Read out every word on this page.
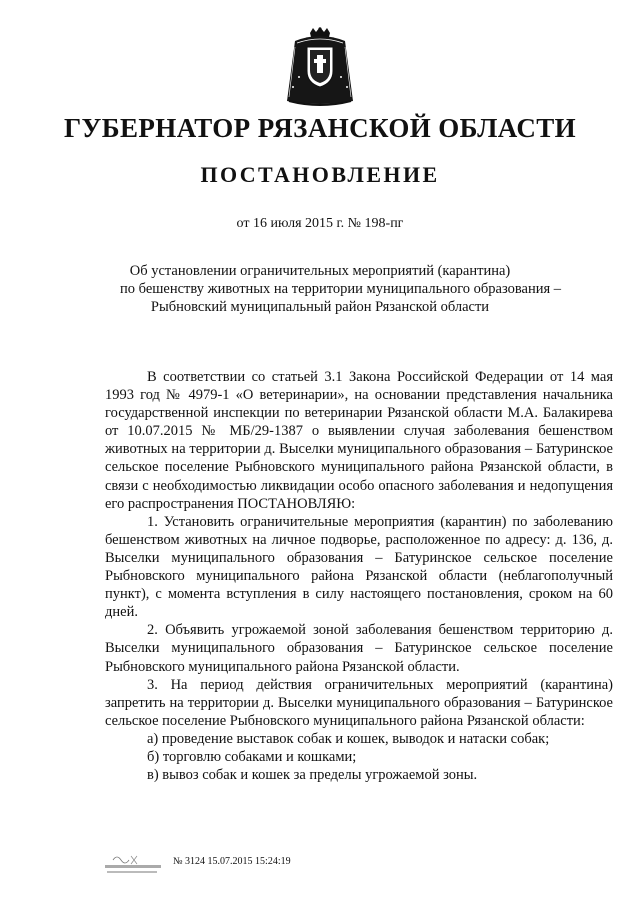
ГУБЕРНАТОР РЯЗАНСКОЙ ОБЛАСТИ
ПОСТАНОВЛЕНИЕ
от 16 июля 2015 г. № 198-пг
Об установлении ограничительных мероприятий (карантина)
по бешенству животных на территории муниципального образования –
Рыбновский муниципальный район Рязанской области

В соответствии со статьей 3.1 Закона Российской Федерации от 14 мая 1993 год № 4979-1 «О ветеринарии», на основании представления начальника государственной инспекции по ветеринарии Рязанской области М.А. Балакирева от 10.07.2015 № МБ/29-1387 о выявлении случая заболевания бешенством животных на территории д. Выселки муниципального образования – Батуринское сельское поселение Рыбновского муниципального района Рязанской области, в связи с необходимостью ликвидации особо опасного заболевания и недопущения его распространения ПОСТАНОВЛЯЮ:

1. Установить ограничительные мероприятия (карантин) по заболеванию бешенством животных на личное подворье, расположенное по адресу: д. 136, д. Выселки муниципального образования – Батуринское сельское поселение Рыбновского муниципального района Рязанской области (неблагополучный пункт), с момента вступления в силу настоящего постановления, сроком на 60 дней.

2. Объявить угрожаемой зоной заболевания бешенством территорию д. Выселки муниципального образования – Батуринское сельское поселение Рыбновского муниципального района Рязанской области.

3. На период действия ограничительных мероприятий (карантина) запретить на территории д. Выселки муниципального образования – Батуринское сельское поселение Рыбновского муниципального района Рязанской области:

а) проведение выставок собак и кошек, выводок и натаски собак;

б) торговлю собаками и кошками;

в) вывоз собак и кошек за пределы угрожаемой зоны.

№ 3124 15.07.2015 15:24:19
